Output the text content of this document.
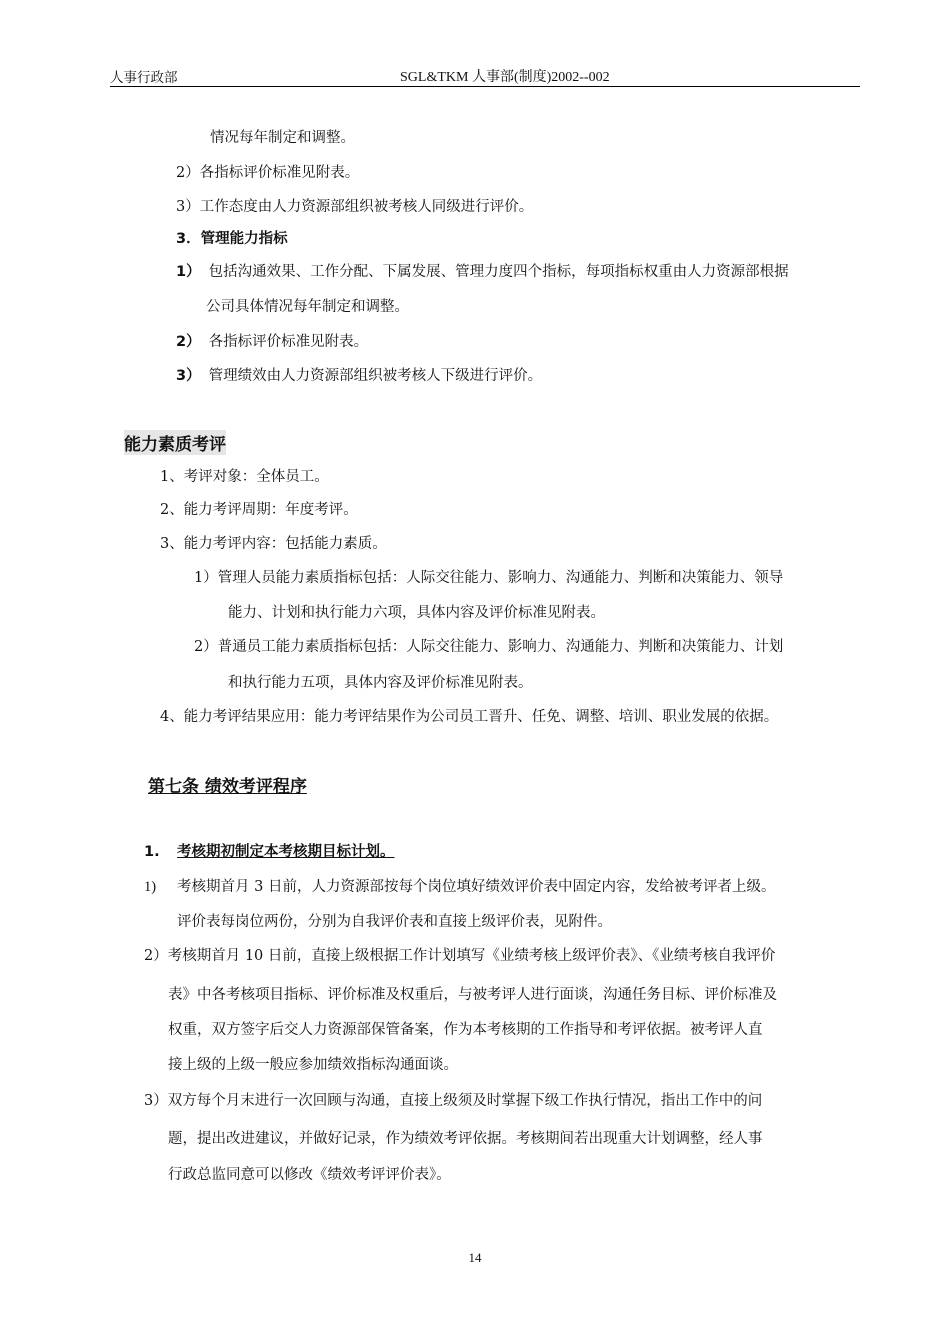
人事行政部	SGL&TKM 人事部(制度)2002--002
情况每年制定和调整。
2）各指标评价标准见附表。
3）工作态度由人力资源部组织被考核人同级进行评价。
3．管理能力指标
1） 包括沟通效果、工作分配、下属发展、管理力度四个指标，每项指标权重由人力资源部根据
公司具体情况每年制定和调整。
2） 各指标评价标准见附表。
3） 管理绩效由人力资源部组织被考核人下级进行评价。
能力素质考评
1、考评对象：全体员工。
2、能力考评周期：年度考评。
3、能力考评内容：包括能力素质。
1）管理人员能力素质指标包括：人际交往能力、影响力、沟通能力、判断和决策能力、领导
能力、计划和执行能力六项，具体内容及评价标准见附表。
2）普通员工能力素质指标包括：人际交往能力、影响力、沟通能力、判断和决策能力、计划
和执行能力五项，具体内容及评价标准见附表。
4、能力考评结果应用：能力考评结果作为公司员工晋升、任免、调整、培训、职业发展的依据。
第七条 绩效考评程序
1. 考核期初制定本考核期目标计划。
1) 考核期首月 3 日前，人力资源部按每个岗位填好绩效评价表中固定内容，发给被考评者上级。
评价表每岗位两份，分别为自我评价表和直接上级评价表，见附件。
2）考核期首月 10 日前，直接上级根据工作计划填写《业绩考核上级评价表》、《业绩考核自我评价
表》中各考核项目指标、评价标准及权重后，与被考评人进行面谈，沟通任务目标、评价标准及
权重，双方签字后交人力资源部保管备案，作为本考核期的工作指导和考评依据。被考评人直
接上级的上级一般应参加绩效指标沟通面谈。
3）双方每个月末进行一次回顾与沟通，直接上级须及时掌握下级工作执行情况，指出工作中的问
题，提出改进建议，并做好记录，作为绩效考评依据。考核期间若出现重大计划调整，经人事
行政总监同意可以修改《绩效考评评价表》。
14
